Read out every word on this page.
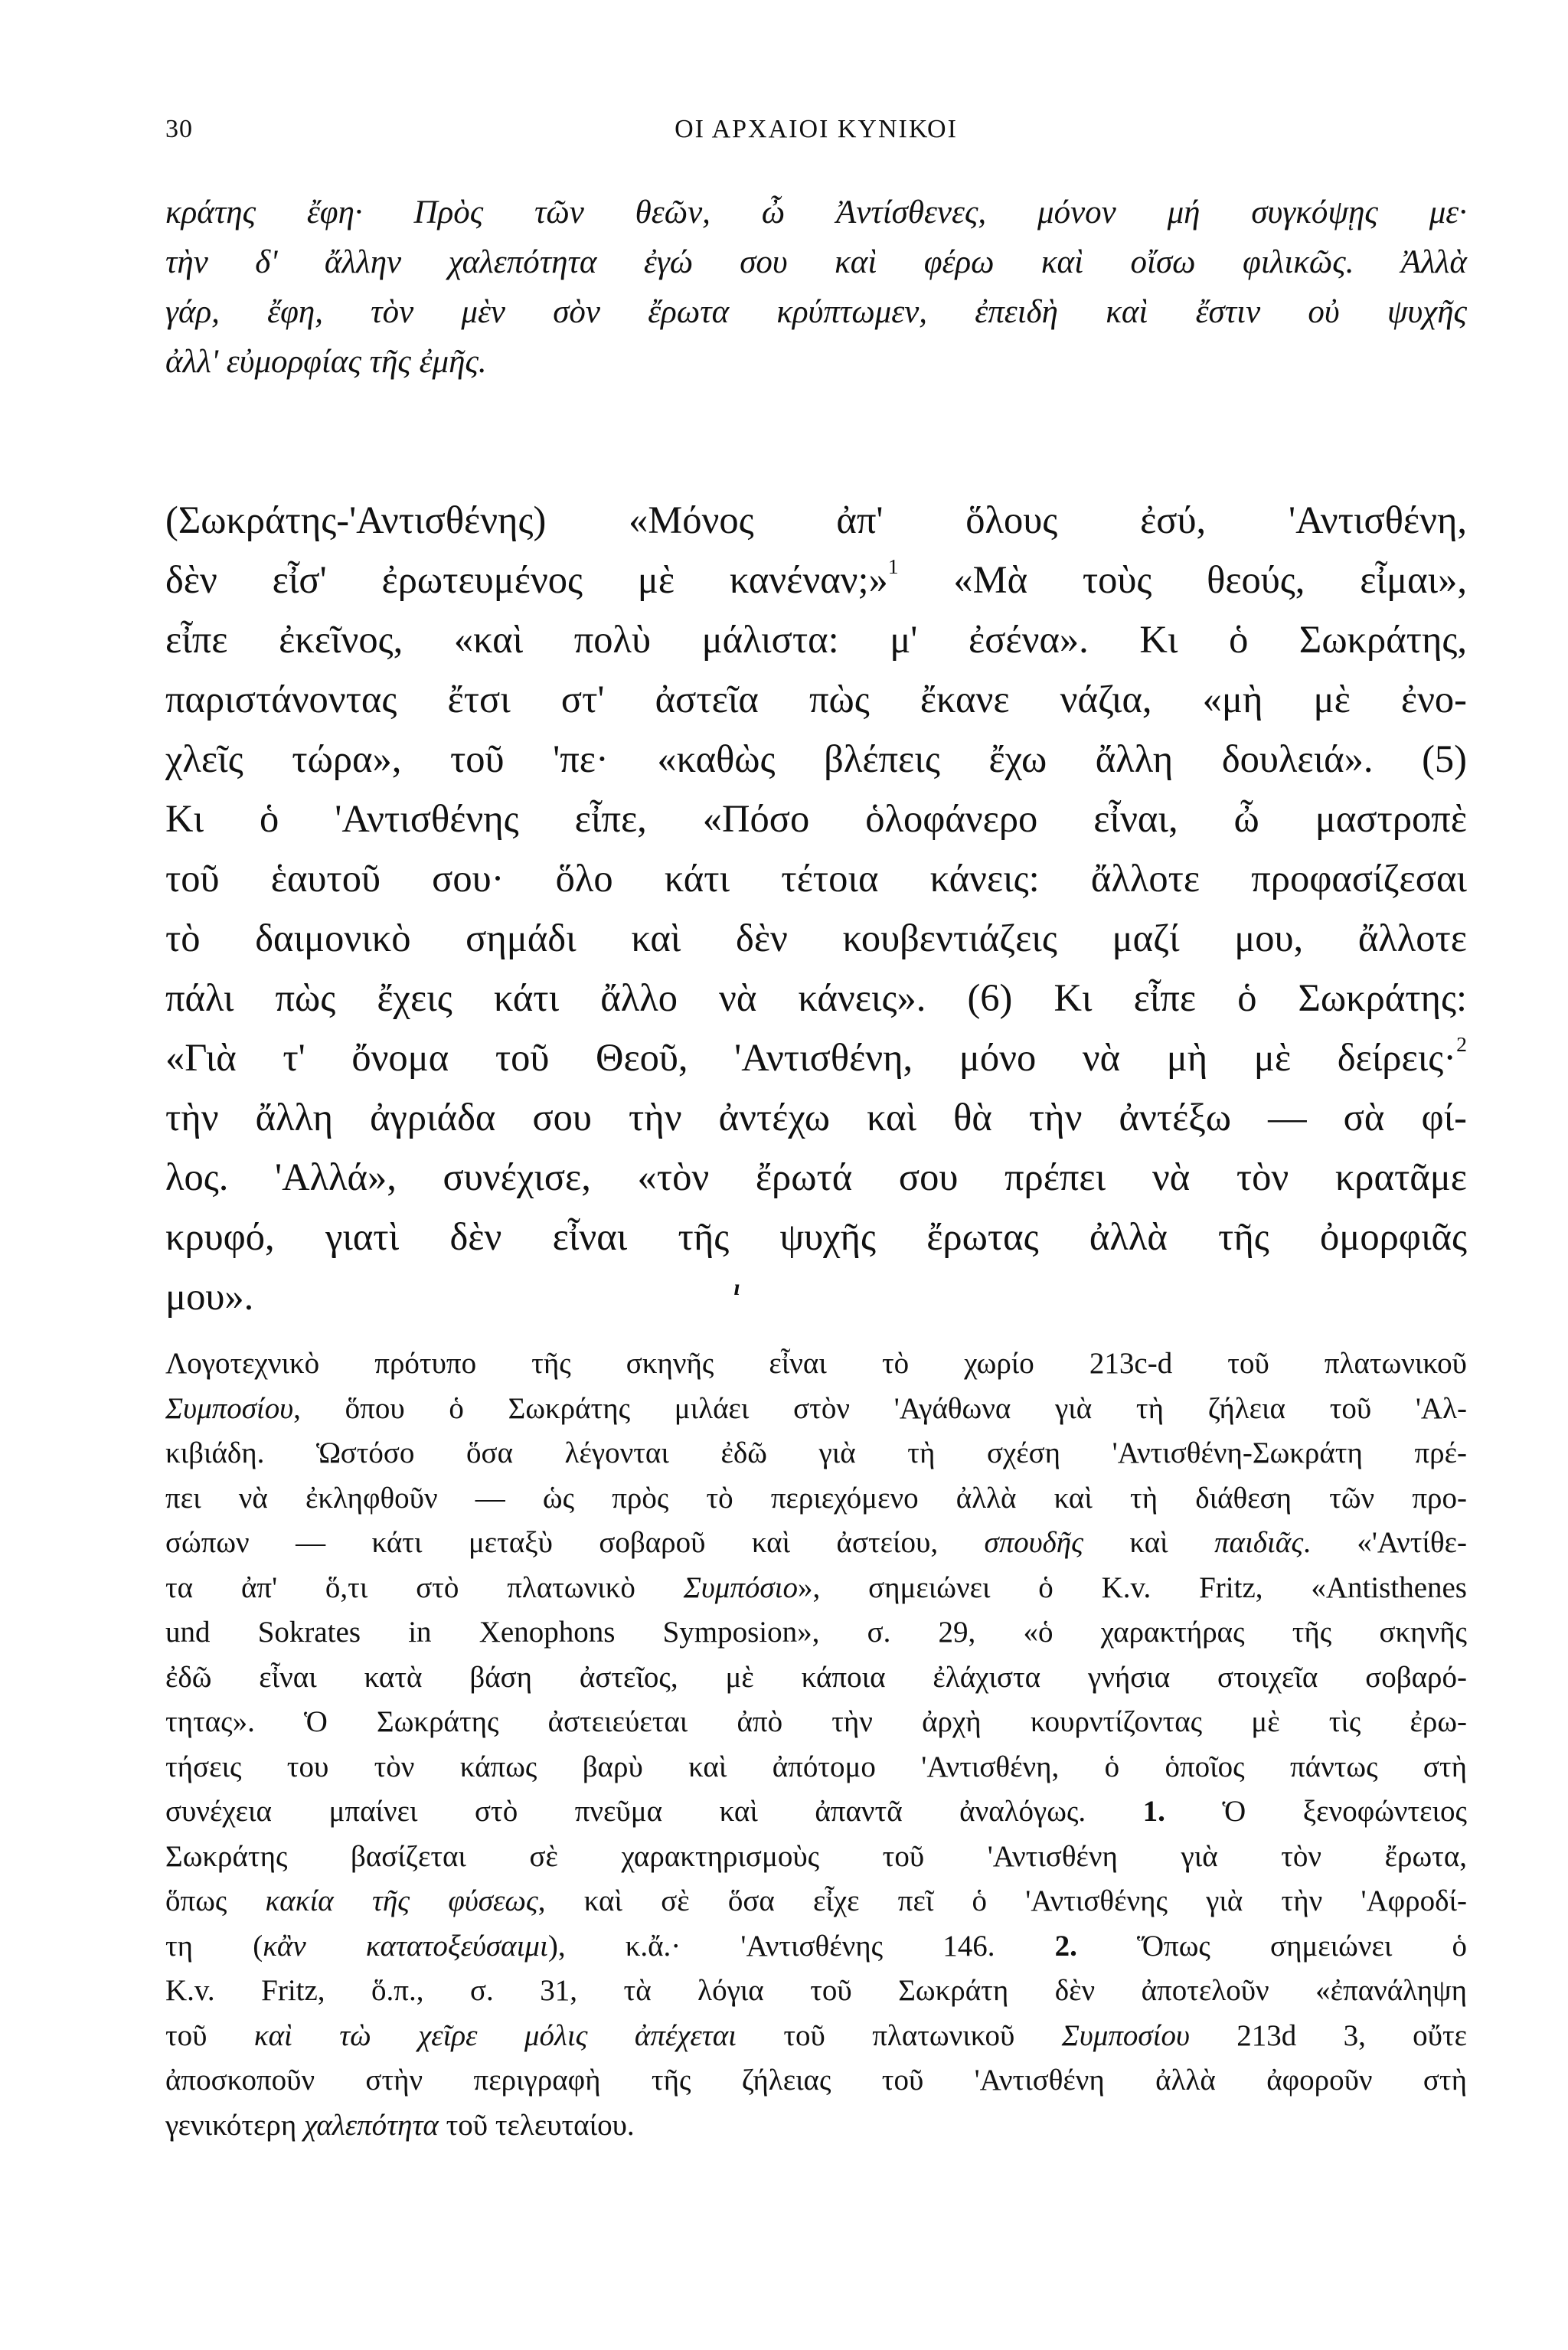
30	ΟΙ ΑΡΧΑΙΟΙ ΚΥΝΙΚΟΙ
κράτης ἔφη· Πρὸς τῶν θεῶν, ὦ Ἀντίσθενες, μόνον μή συγκόψῃς με·
τὴν δ' ἄλλην χαλεπότητα ἐγώ σου καὶ φέρω καὶ οἴσω φιλικῶς. Ἀλλὰ
γάρ, ἔφη, τὸν μὲν σὸν ἔρωτα κρύπτωμεν, ἐπειδὴ καὶ ἔστιν οὐ ψυχῆς
ἀλλ' εὐμορφίας τῆς ἐμῆς.
(Σωκράτης-'Αντισθένης) «Μόνος ἀπ' ὅλους ἐσύ, 'Αντισθένη,
δὲν εἶσ' ἐρωτευμένος μὲ κανέναν;»$^1$ «Μὰ τοὺς θεούς, εἶμαι»,
εἶπε ἐκεῖνος, «καὶ πολὺ μάλιστα: μ' ἐσένα». Κι ὁ Σωκράτης,
παριστάνοντας ἔτσι στ' ἀστεῖα πὼς ἔκανε νάζια, «μὴ μὲ ἐνο-
χλεῖς τώρα», τοῦ 'πε· «καθὼς βλέπεις ἔχω ἄλλη δουλειά». (5)
Κι ὁ 'Αντισθένης εἶπε, «Πόσο ὁλοφάνερο εἶναι, ὦ μαστροπὲ
τοῦ ἑαυτοῦ σου· ὅλο κάτι τέτοια κάνεις: ἄλλοτε προφασίζεσαι
τὸ δαιμονικὸ σημάδι καὶ δὲν κουβεντιάζεις μαζί μου, ἄλλοτε
πάλι πὼς ἔχεις κάτι ἄλλο νὰ κάνεις». (6) Κι εἶπε ὁ Σωκράτης:
«Γιὰ τ' ὄνομα τοῦ Θεοῦ, 'Αντισθένη, μόνο νὰ μὴ μὲ δείρεις·$^2$
τὴν ἄλλη ἀγριάδα σου τὴν ἀντέχω καὶ θὰ τὴν ἀντέξω — σὰ φί-
λος. 'Αλλά», συνέχισε, «τὸν ἔρωτά σου πρέπει νὰ τὸν κρατᾶμε
κρυφό, γιατὶ δὲν εἶναι τῆς ψυχῆς ἔρωτας ἀλλὰ τῆς ὀμορφιᾶς
μου».	ɪ
Λογοτεχνικὸ πρότυπο τῆς σκηνῆς εἶναι τὸ χωρίο 213c-d τοῦ πλατωνικοῦ
Συμποσίου, ὅπου ὁ Σωκράτης μιλάει στὸν 'Αγάθωνα γιὰ τὴ ζήλεια τοῦ 'Αλ-
κιβιάδη. Ὡστόσο ὅσα λέγονται ἐδῶ γιὰ τὴ σχέση 'Αντισθένη-Σωκράτη πρέ-
πει νὰ ἐκληφθοῦν — ὡς πρὸς τὸ περιεχόμενο ἀλλὰ καὶ τὴ διάθεση τῶν προ-
σώπων — κάτι μεταξὺ σοβαροῦ καὶ ἀστείου, σπουδῆς καὶ παιδιᾶς. «'Αντίθε-
τα ἀπ' ὅ,τι στὸ πλατωνικὸ Συμπόσιο», σημειώνει ὁ K.v. Fritz, «Antisthenes
und Sokrates in Xenophons Symposion», σ. 29, «ὁ χαρακτήρας τῆς σκηνῆς
ἐδῶ εἶναι κατὰ βάση ἀστεῖος, μὲ κάποια ἐλάχιστα γνήσια στοιχεῖα σοβαρό-
τητας». Ὁ Σωκράτης ἀστειεύεται ἀπὸ τὴν ἀρχὴ κουρντίζοντας μὲ τὶς ἐρω-
τήσεις του τὸν κάπως βαρὺ καὶ ἀπότομο 'Αντισθένη, ὁ ὁποῖος πάντως στὴ
συνέχεια μπαίνει στὸ πνεῦμα καὶ ἀπαντᾶ ἀναλόγως. 1. Ὁ ξενοφώντειος
Σωκράτης βασίζεται σὲ χαρακτηρισμοὺς τοῦ 'Αντισθένη γιὰ τὸν ἔρωτα,
ὅπως κακία τῆς φύσεως, καὶ σὲ ὅσα εἶχε πεῖ ὁ 'Αντισθένης γιὰ τὴν 'Αφροδί-
τη (κἂν κατατοξεύσαιμι), κ.ἄ.· 'Αντισθένης 146. 2. Ὅπως σημειώνει ὁ
K.v. Fritz, ὅ.π., σ. 31, τὰ λόγια τοῦ Σωκράτη δὲν ἀποτελοῦν «ἐπανάληψη
τοῦ καὶ τὼ χεῖρε μόλις ἀπέχεται τοῦ πλατωνικοῦ Συμποσίου 213d 3, οὔτε
ἀποσκοποῦν στὴν περιγραφὴ τῆς ζήλειας τοῦ 'Αντισθένη ἀλλὰ ἀφοροῦν στὴ
γενικότερη χαλεπότητα τοῦ τελευταίου.
